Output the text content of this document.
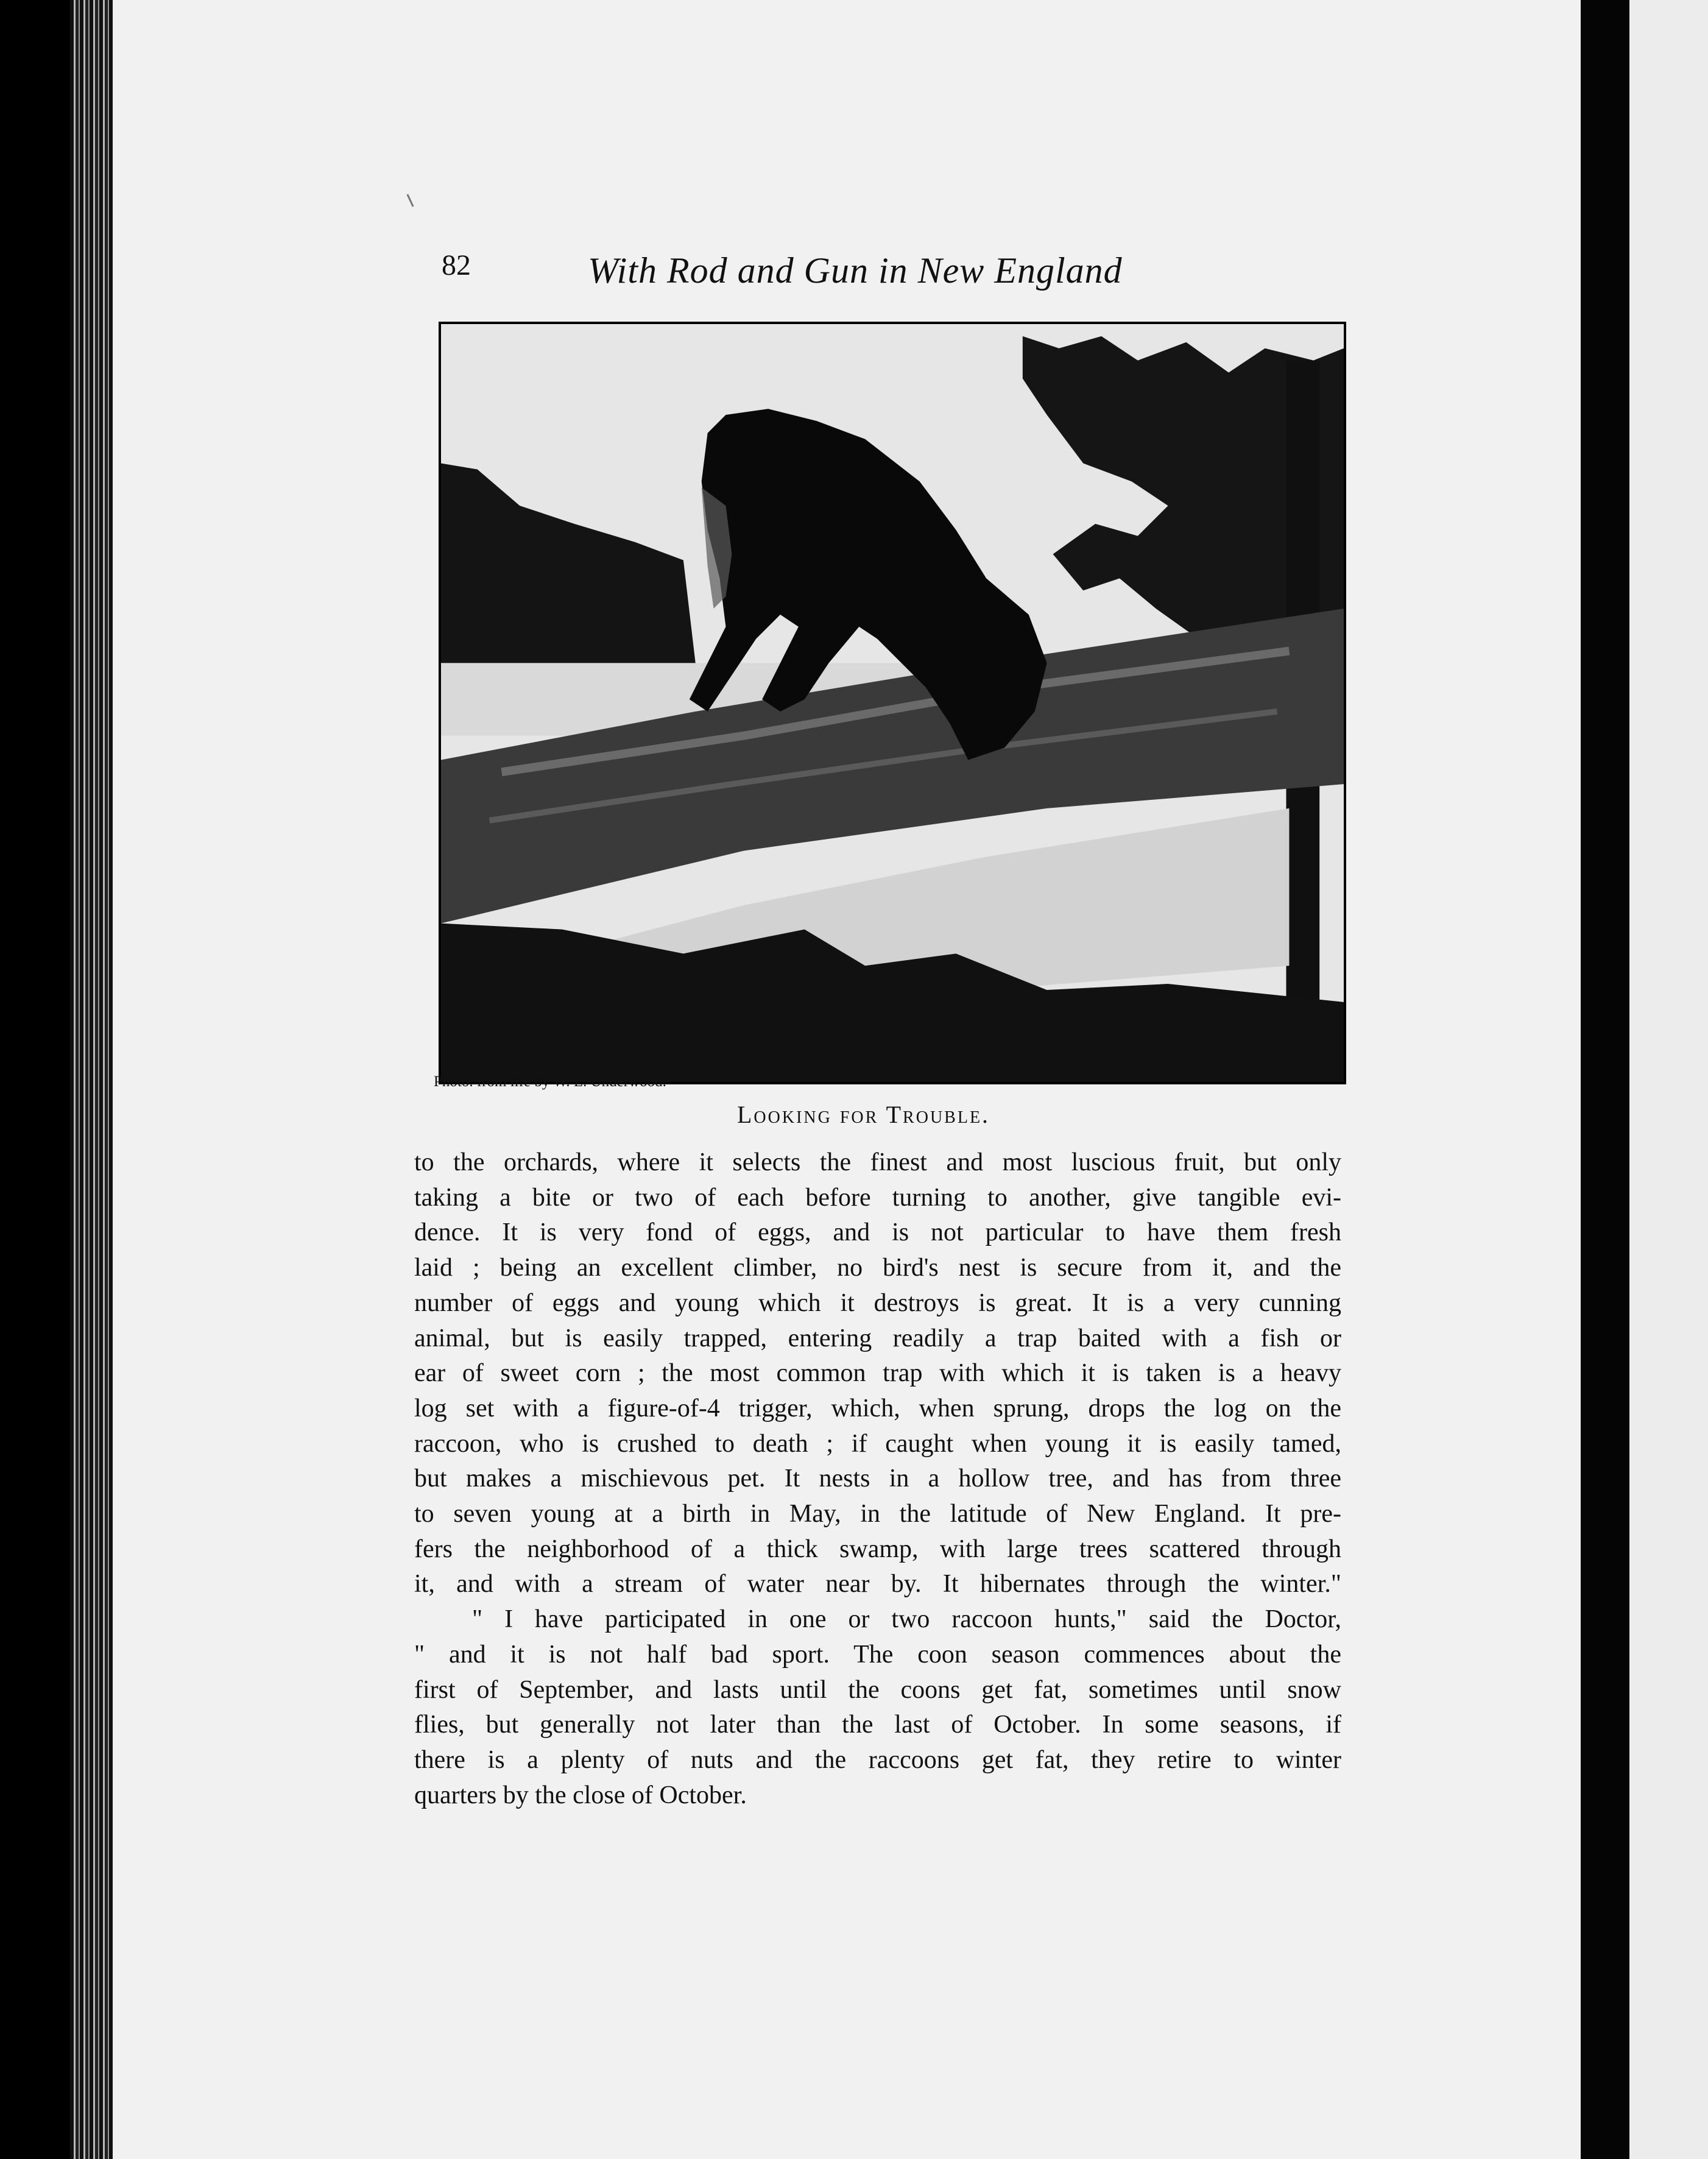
82	With Rod and Gun in New England
Photo. from life by W. L. Underwood.
Looking for Trouble.
to the orchards, where it selects the finest and most luscious fruit, but only
taking a bite or two of each before turning to another, give tangible evi-
dence. It is very fond of eggs, and is not particular to have them fresh
laid ; being an excellent climber, no bird's nest is secure from it, and the
number of eggs and young which it destroys is great. It is a very cunning
animal, but is easily trapped, entering readily a trap baited with a fish or
ear of sweet corn ; the most common trap with which it is taken is a heavy
log set with a figure-of-4 trigger, which, when sprung, drops the log on the
raccoon, who is crushed to death ; if caught when young it is easily tamed,
but makes a mischievous pet. It nests in a hollow tree, and has from three
to seven young at a birth in May, in the latitude of New England. It pre-
fers the neighborhood of a thick swamp, with large trees scattered through
it, and with a stream of water near by. It hibernates through the winter."
" I have participated in one or two raccoon hunts," said the Doctor,
" and it is not half bad sport. The coon season commences about the
first of September, and lasts until the coons get fat, sometimes until snow
flies, but generally not later than the last of October. In some seasons, if
there is a plenty of nuts and the raccoons get fat, they retire to winter
quarters by the close of October.
